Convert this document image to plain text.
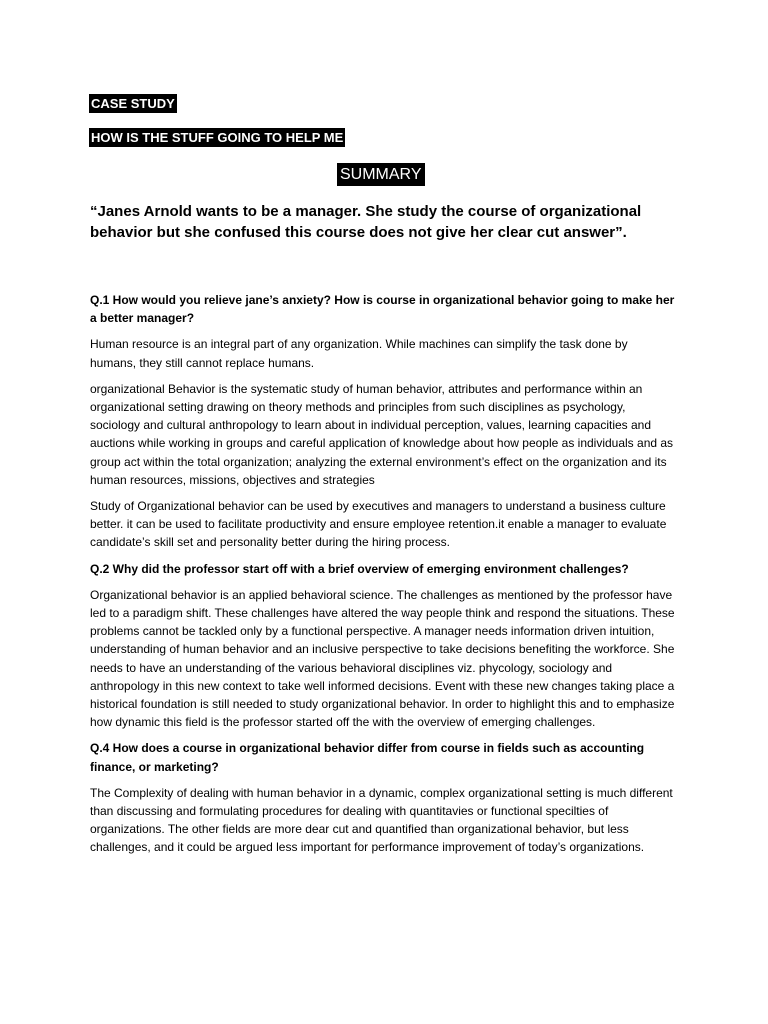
CASE STUDY
HOW IS THE STUFF GOING TO HELP ME
SUMMARY

“Janes Arnold wants to be a manager. She study the course of organizational behavior but she confused this course does not give her clear cut answer”.

Q.1 How would you relieve jane’s anxiety? How is course in organizational behavior going to make her a better manager?

Human resource is an integral part of any organization. While machines can simplify the task done by humans, they still cannot replace humans.

organizational Behavior is the systematic study of human behavior, attributes and performance within an organizational setting drawing on theory methods and principles from such disciplines as psychology, sociology and cultural anthropology to learn about in individual perception, values, learning capacities and auctions while working in groups and careful application of knowledge about how people as individuals and as group act within the total organization; analyzing the external environment’s effect on the organization and its human resources, missions, objectives and strategies

Study of Organizational behavior can be used by executives and managers to understand a business culture better. it can be used to facilitate productivity and ensure employee retention.it enable a manager to evaluate candidate’s skill set and personality better during the hiring process.

Q.2 Why did the professor start off with a brief overview of emerging environment challenges?

Organizational behavior is an applied behavioral science. The challenges as mentioned by the professor have led to a paradigm shift. These challenges have altered the way people think and respond the situations. These problems cannot be tackled only by a functional perspective. A manager needs information driven intuition, understanding of human behavior and an inclusive perspective to take decisions benefiting the workforce. She needs to have an understanding of the various behavioral disciplines viz. phycology, sociology and anthropology in this new context to take well informed decisions. Event with these new changes taking place a historical foundation is still needed to study organizational behavior. In order to highlight this and to emphasize how dynamic this field is the professor started off the with the overview of emerging challenges.

Q.4 How does a course in organizational behavior differ from course in fields such as accounting finance, or marketing?

The Complexity of dealing with human behavior in a dynamic, complex organizational setting is much different than discussing and formulating procedures for dealing with quantitavies or functional specilties of organizations. The other fields are more dear cut and quantified than organizational behavior, but less challenges, and it could be argued less important for performance improvement of today’s organizations.
